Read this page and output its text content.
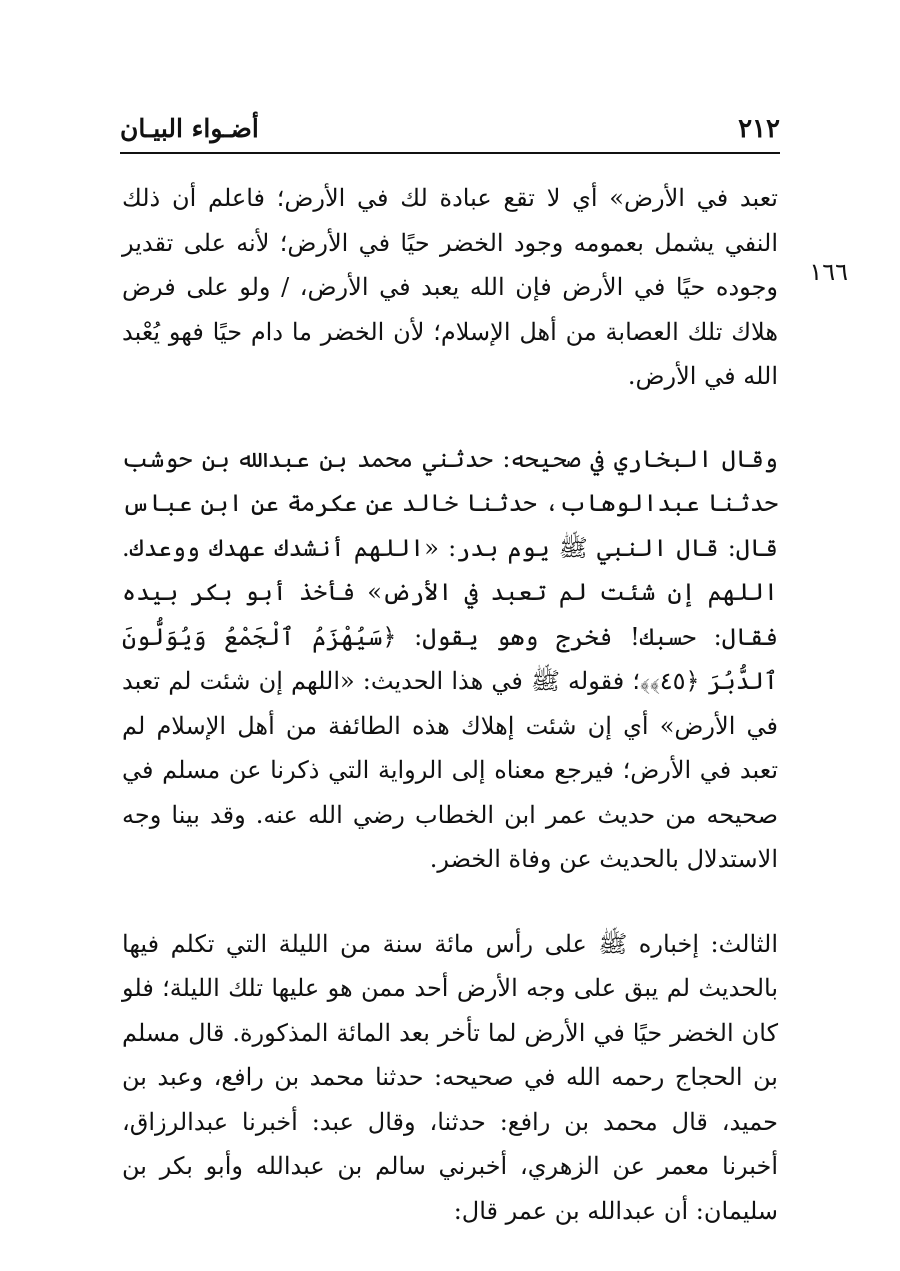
٢١٢
أضـواء البيـان
١٦٦

تعبد في الأرض» أي لا تقع عبادة لك في الأرض؛ فاعلم أن ذلك النفي يشمل بعمومه وجود الخضر حيًا في الأرض؛ لأنه على تقدير وجوده حيًا في الأرض فإن الله يعبد في الأرض، / ولو على فرض هلاك تلك العصابة من أهل الإسلام؛ لأن الخضر ما دام حيًا فهو يُعْبد الله في الأرض.

وقال البخاري في صحيحه: حدثني محمد بن عبدالله بن حوشب حدثنا عبدالوهاب، حدثنا خالد عن عكرمة عن ابن عباس قال: قال النبي ﷺ يوم بدر: «اللهم أنشدك عهدك ووعدك. اللهم إن شئت لم تعبد في الأرض» فأخذ أبو بكر بيده فقال: حسبك! فخرج وهو يقول: ﴿سَيُهْزَمُ ٱلْجَمْعُ وَيُوَلُّونَ ٱلدُّبُرَ ﴿٤٥﴾﴾؛ فقوله ﷺ في هذا الحديث: «اللهم إن شئت لم تعبد في الأرض» أي إن شئت إهلاك هذه الطائفة من أهل الإسلام لم تعبد في الأرض؛ فيرجع معناه إلى الرواية التي ذكرنا عن مسلم في صحيحه من حديث عمر ابن الخطاب رضي الله عنه. وقد بينا وجه الاستدلال بالحديث عن وفاة الخضر.

الثالث: إخباره ﷺ على رأس مائة سنة من الليلة التي تكلم فيها بالحديث لم يبق على وجه الأرض أحد ممن هو عليها تلك الليلة؛ فلو كان الخضر حيًا في الأرض لما تأخر بعد المائة المذكورة. قال مسلم بن الحجاج رحمه الله في صحيحه: حدثنا محمد بن رافع، وعبد بن حميد، قال محمد بن رافع: حدثنا، وقال عبد: أخبرنا عبدالرزاق، أخبرنا معمر عن الزهري، أخبرني سالم بن عبدالله وأبو بكر بن سليمان: أن عبدالله بن عمر قال:
